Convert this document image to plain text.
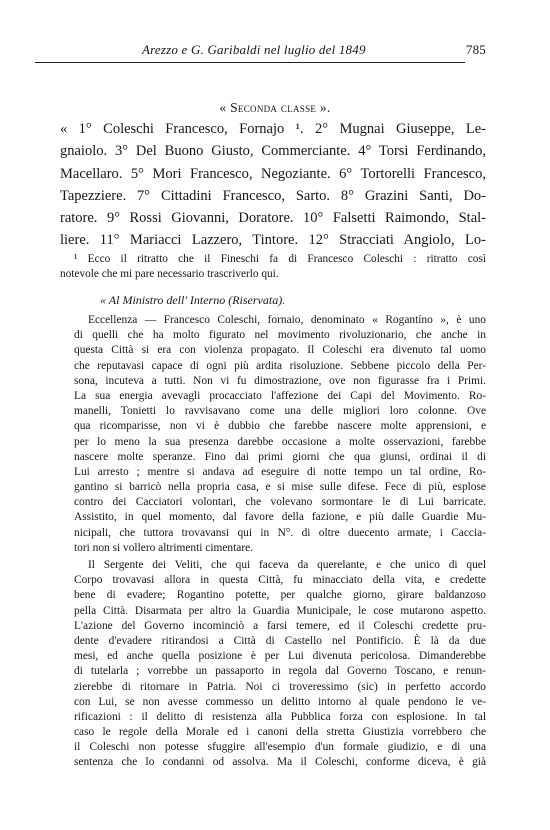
Arezzo e G. Garibaldi nel luglio del 1849	785
« Seconda classe ».
« 1° Coleschi Francesco, Fornajo ¹. 2° Mugnai Giuseppe, Le-
gnaiolo. 3° Del Buono Giusto, Commerciante. 4° Torsi Ferdinando,
Macellaro. 5° Mori Francesco, Negoziante. 6° Tortorelli Francesco,
Tapezziere. 7° Cittadini Francesco, Sarto. 8° Grazini Santi, Do-
ratore. 9° Rossi Giovanni, Doratore. 10° Falsetti Raimondo, Stal-
liere. 11° Mariacci Lazzero, Tintore. 12° Stracciati Angiolo, Lo-
¹ Ecco il ritratto che il Fineschi fa di Francesco Coleschi : ritratto così
notevole che mi pare necessario trascriverlo qui.
« Al Ministro dell' Interno (Riservata).

Eccellenza — Francesco Coleschi, fornaio, denominato « Rogantíno », è uno
di quelli che ha molto figurato nel movimento rivoluzionario, che anche in
questa Città si era con violenza propagato. Il Coleschi era divenuto tal uomo
che reputavasi capace di ogni più ardita risoluzione. Sebbene piccolo della Per-
sona, incuteva a tutti. Non vi fu dimostrazione, ove non figurasse fra i Primi.
La sua energia avevagli procacciato l'affezione dei Capi del Movimento. Ro-
manelli, Tonietti lo ravvisavano come una delle migliori loro colonne. Ove
qua ricomparisse, non vi è dubbio che farebbe nascere molte apprensioni, e
per lo meno la sua presenza darebbe occasione a molte osservazioni, farebbe
nascere molte speranze. Fino dai primi giorni che qua giunsi, ordinai il di
Lui arresto ; mentre si andava ad eseguire di notte tempo un tal ordine, Ro-
gantino si barricò nella propria casa, e si mise sulle difese. Fece di più, esplose
contro dei Cacciatori volontari, che volevano sormontare le di Lui barricate.
Assistito, in quel momento, dal favore della fazione, e più dalle Guardie Mu-
nicipali, che tuttora trovavansi qui in N°. di oltre duecento armate, i Caccia-
tori non si vollero altrimenti cimentare.

Il Sergente dei Veliti, che qui faceva da querelante, e che unico di quel
Corpo trovavasi allora in questa Città, fu minacciato della vita, e credette
bene di evadere; Rogantino potette, per qualche giorno, girare baldanzoso
pella Città. Disarmata per altro la Guardia Municipale, le cose mutarono aspetto.
L'azione del Governo incominciò a farsi temere, ed il Coleschi credette pru-
dente d'evadere ritirandosi a Città di Castello nel Pontificio. È là da due
mesi, ed anche quella posizione è per Lui divenuta pericolosa. Dimanderebbe
di tutelarla ; vorrebbe un passaporto in regola dal Governo Toscano, e renun-
zierebbe di ritornare in Patria. Noi ci troveressimo (sic) in perfetto accordo
con Lui, se non avesse commesso un delitto intorno al quale pendono le ve-
rificazioni : il delitto di resistenza alla Pubblica forza con esplosione. In tal
caso le regole della Morale ed i canoni della stretta Giustizia vorrebbero che
il Coleschi non potesse sfuggire all'esempio d'un formale giudizio, e di una
sentenza che lo condanni od assolva. Ma il Coleschi, conforme diceva, è già
